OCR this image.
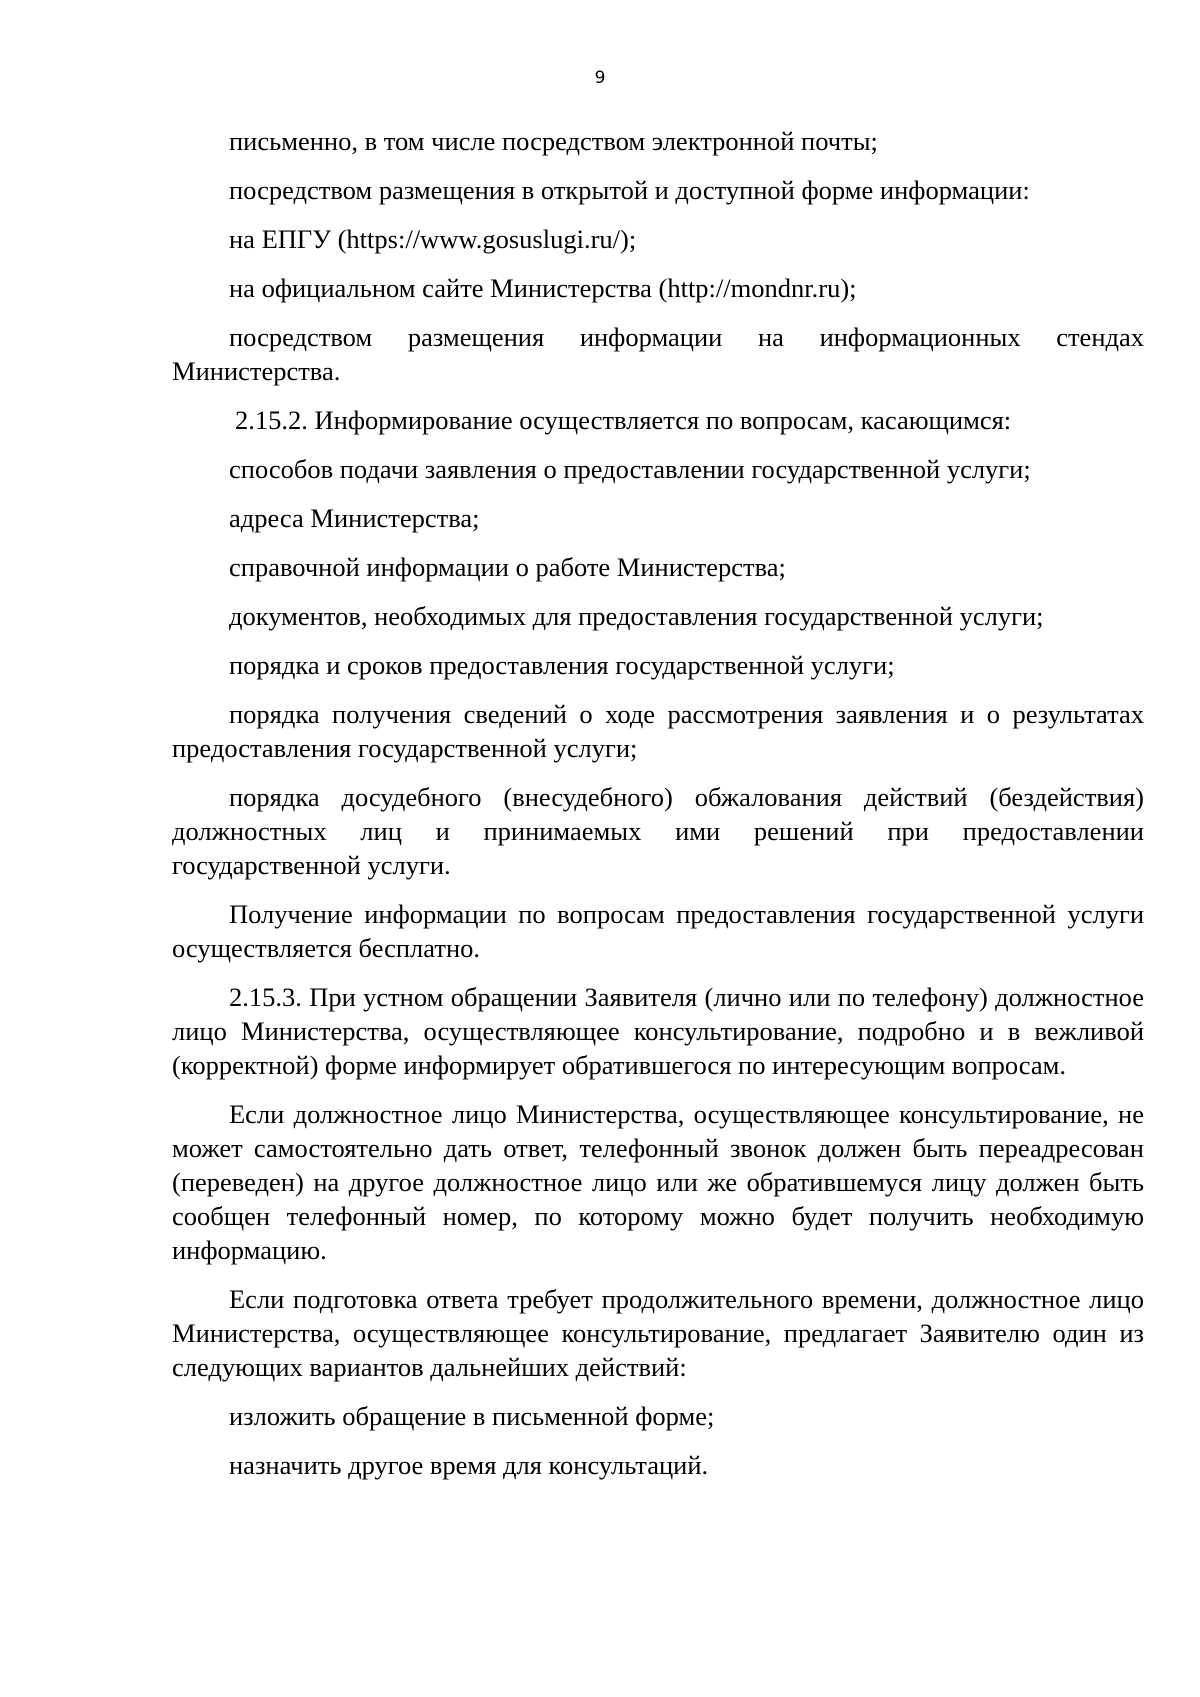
9

письменно, в том числе посредством электронной почты;

посредством размещения в открытой и доступной форме информации:

на ЕПГУ (https://www.gosuslugi.ru/);

на официальном сайте Министерства (http://mondnr.ru);

посредством размещения информации на информационных стендах Министерства.

2.15.2. Информирование осуществляется по вопросам, касающимся:

способов подачи заявления о предоставлении государственной услуги;

адреса Министерства;

справочной информации о работе Министерства;

документов, необходимых для предоставления государственной услуги;

порядка и сроков предоставления государственной услуги;

порядка получения сведений о ходе рассмотрения заявления и о результатах предоставления государственной услуги;

порядка досудебного (внесудебного) обжалования действий (бездействия) должностных лиц и принимаемых ими решений при предоставлении государственной услуги.

Получение информации по вопросам предоставления государственной услуги осуществляется бесплатно.

2.15.3. При устном обращении Заявителя (лично или по телефону) должностное лицо Министерства, осуществляющее консультирование, подробно и в вежливой (корректной) форме информирует обратившегося по интересующим вопросам.

Если должностное лицо Министерства, осуществляющее консультирование, не может самостоятельно дать ответ, телефонный звонок должен быть переадресован (переведен) на другое должностное лицо или же обратившемуся лицу должен быть сообщен телефонный номер, по которому можно будет получить необходимую информацию.

Если подготовка ответа требует продолжительного времени, должностное лицо Министерства, осуществляющее консультирование, предлагает Заявителю один из следующих вариантов дальнейших действий:

изложить обращение в письменной форме;

назначить другое время для консультаций.
